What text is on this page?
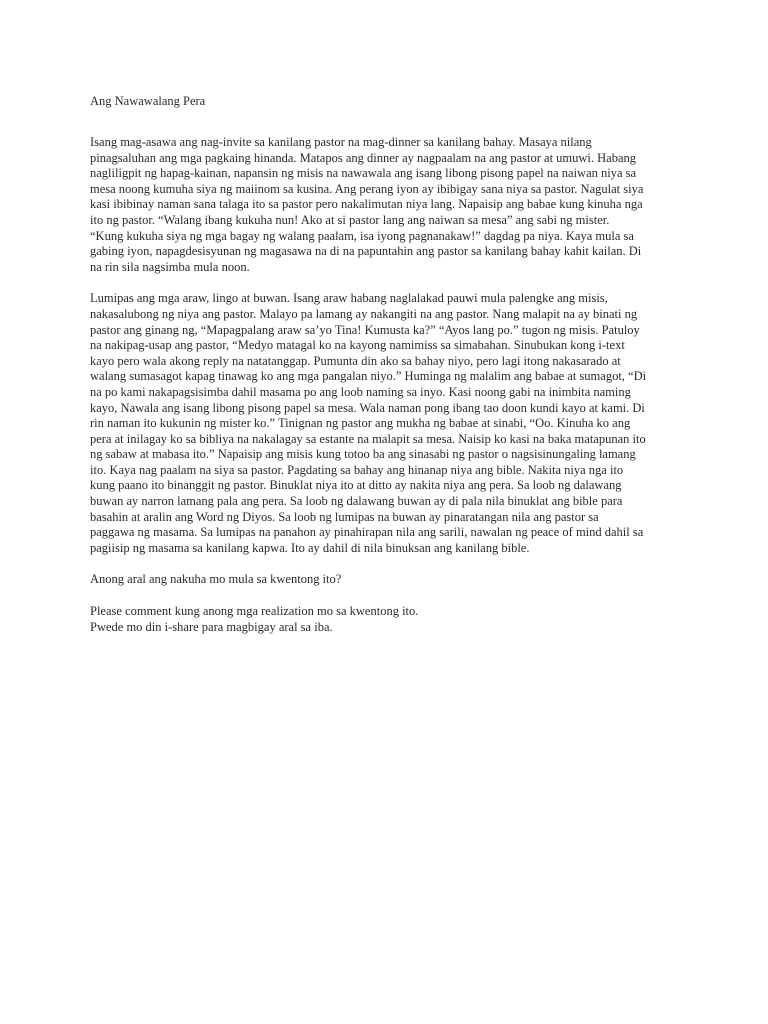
Ang Nawawalang Pera
Isang mag-asawa ang nag-invite sa kanilang pastor na mag-dinner sa kanilang bahay. Masaya nilang
pinagsaluhan ang mga pagkaing hinanda. Matapos ang dinner ay nagpaalam na ang pastor at umuwi. Habang
nagliligpit ng hapag-kainan, napansin ng misis na nawawala ang isang libong pisong papel na naiwan niya sa
mesa noong kumuha siya ng maiinom sa kusina. Ang perang iyon ay ibibigay sana niya sa pastor. Nagulat siya
kasi ibibinay naman sana talaga ito sa pastor pero nakalimutan niya lang. Napaisip ang babae kung kinuha nga
ito ng pastor. “Walang ibang kukuha nun! Ako at si pastor lang ang naiwan sa mesa” ang sabi ng mister.
“Kung kukuha siya ng mga bagay ng walang paalam, isa iyong pagnanakaw!” dagdag pa niya. Kaya mula sa
gabing iyon, napagdesisyunan ng magasawa na di na papuntahin ang pastor sa kanilang bahay kahit kailan. Di
na rin sila nagsimba mula noon.
Lumipas ang mga araw, lingo at buwan. Isang araw habang naglalakad pauwi mula palengke ang misis,
nakasalubong ng niya ang pastor. Malayo pa lamang ay nakangiti na ang pastor. Nang malapit na ay binati ng
pastor ang ginang ng, “Mapagpalang araw sa’yo Tina! Kumusta ka?” “Ayos lang po.” tugon ng misis. Patuloy
na nakipag-usap ang pastor, “Medyo matagal ko na kayong namimiss sa simabahan. Sinubukan kong i-text
kayo pero wala akong reply na natatanggap. Pumunta din ako sa bahay niyo, pero lagi itong nakasarado at
walang sumasagot kapag tinawag ko ang mga pangalan niyo.” Huminga ng malalim ang babae at sumagot, “Di
na po kami nakapagsisimba dahil masama po ang loob naming sa inyo. Kasi noong gabi na inimbita naming
kayo, Nawala ang isang libong pisong papel sa mesa. Wala naman pong ibang tao doon kundi kayo at kami. Di
rin naman ito kukunin ng mister ko.” Tinignan ng pastor ang mukha ng babae at sinabi, “Oo. Kinuha ko ang
pera at inilagay ko sa bibliya na nakalagay sa estante na malapit sa mesa. Naisip ko kasi na baka matapunan ito
ng sabaw at mabasa ito.” Napaisip ang misis kung totoo ba ang sinasabi ng pastor o nagsisinungaling lamang
ito. Kaya nag paalam na siya sa pastor. Pagdating sa bahay ang hinanap niya ang bible. Nakita niya nga ito
kung paano ito binanggit ng pastor. Binuklat niya ito at ditto ay nakita niya ang pera. Sa loob ng dalawang
buwan ay narron lamang pala ang pera. Sa loob ng dalawang buwan ay di pala nila binuklat ang bible para
basahin at aralin ang Word ng Diyos. Sa loob ng lumipas na buwan ay pinaratangan nila ang pastor sa
paggawa ng masama. Sa lumipas na panahon ay pinahirapan nila ang sarili, nawalan ng peace of mind dahil sa
pagiisip ng masama sa kanilang kapwa. Ito ay dahil di nila binuksan ang kanilang bible.
Anong aral ang nakuha mo mula sa kwentong ito?
Please comment kung anong mga realization mo sa kwentong ito.
Pwede mo din i-share para magbigay aral sa iba.
